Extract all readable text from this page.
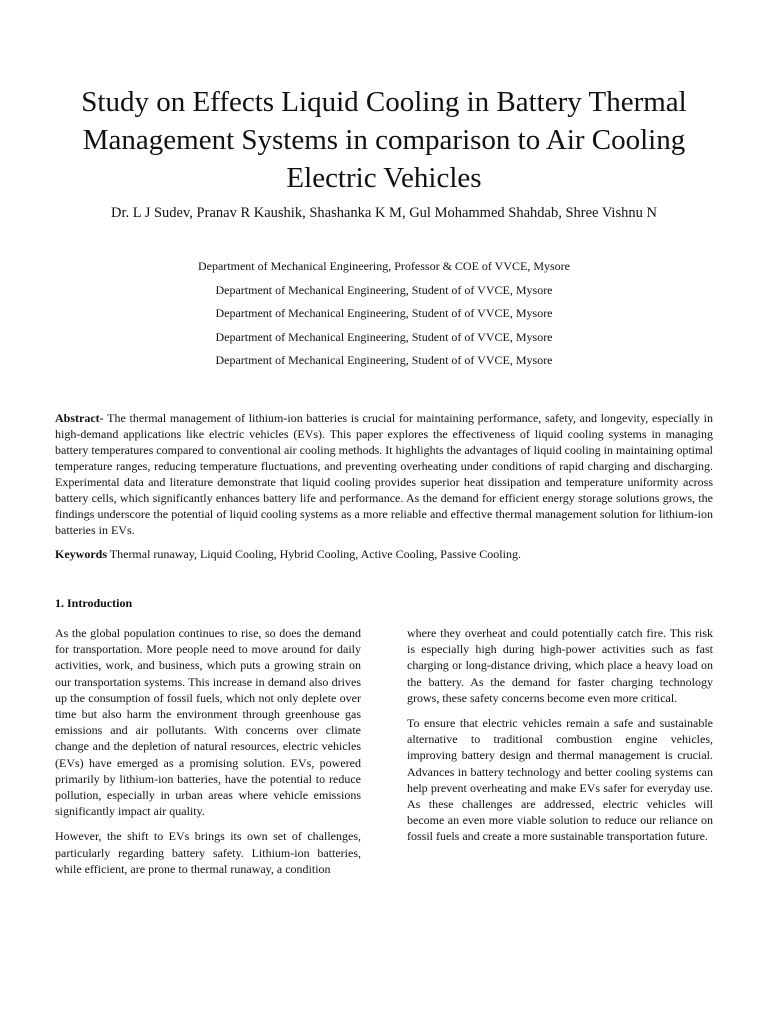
Study on Effects Liquid Cooling in Battery Thermal
Management Systems in comparison to Air Cooling
Electric Vehicles

Dr. L J Sudev, Pranav R Kaushik, Shashanka K M, Gul Mohammed Shahdab, Shree Vishnu N

Department of Mechanical Engineering, Professor & COE of VVCE, Mysore
Department of Mechanical Engineering, Student of of VVCE, Mysore
Department of Mechanical Engineering, Student of of VVCE, Mysore
Department of Mechanical Engineering, Student of of VVCE, Mysore
Department of Mechanical Engineering, Student of of VVCE, Mysore

Abstract- The thermal management of lithium-ion batteries is crucial for maintaining performance, safety, and longevity, especially in high-demand applications like electric vehicles (EVs). This paper explores the effectiveness of liquid cooling systems in managing battery temperatures compared to conventional air cooling methods. It highlights the advantages of liquid cooling in maintaining optimal temperature ranges, reducing temperature fluctuations, and preventing overheating under conditions of rapid charging and discharging. Experimental data and literature demonstrate that liquid cooling provides superior heat dissipation and temperature uniformity across battery cells, which significantly enhances battery life and performance. As the demand for efficient energy storage solutions grows, the findings underscore the potential of liquid cooling systems as a more reliable and effective thermal management solution for lithium-ion batteries in EVs.

Keywords Thermal runaway, Liquid Cooling, Hybrid Cooling, Active Cooling, Passive Cooling.

1. Introduction

As the global population continues to rise, so does the demand for transportation. More people need to move around for daily activities, work, and business, which puts a growing strain on our transportation systems. This increase in demand also drives up the consumption of fossil fuels, which not only deplete over time but also harm the environment through greenhouse gas emissions and air pollutants. With concerns over climate change and the depletion of natural resources, electric vehicles (EVs) have emerged as a promising solution. EVs, powered primarily by lithium-ion batteries, have the potential to reduce pollution, especially in urban areas where vehicle emissions significantly impact air quality.

However, the shift to EVs brings its own set of challenges, particularly regarding battery safety. Lithium-ion batteries, while efficient, are prone to thermal runaway, a condition

where they overheat and could potentially catch fire. This risk is especially high during high-power activities such as fast charging or long-distance driving, which place a heavy load on the battery. As the demand for faster charging technology grows, these safety concerns become even more critical.

To ensure that electric vehicles remain a safe and sustainable alternative to traditional combustion engine vehicles, improving battery design and thermal management is crucial. Advances in battery technology and better cooling systems can help prevent overheating and make EVs safer for everyday use. As these challenges are addressed, electric vehicles will become an even more viable solution to reduce our reliance on fossil fuels and create a more sustainable transportation future.
